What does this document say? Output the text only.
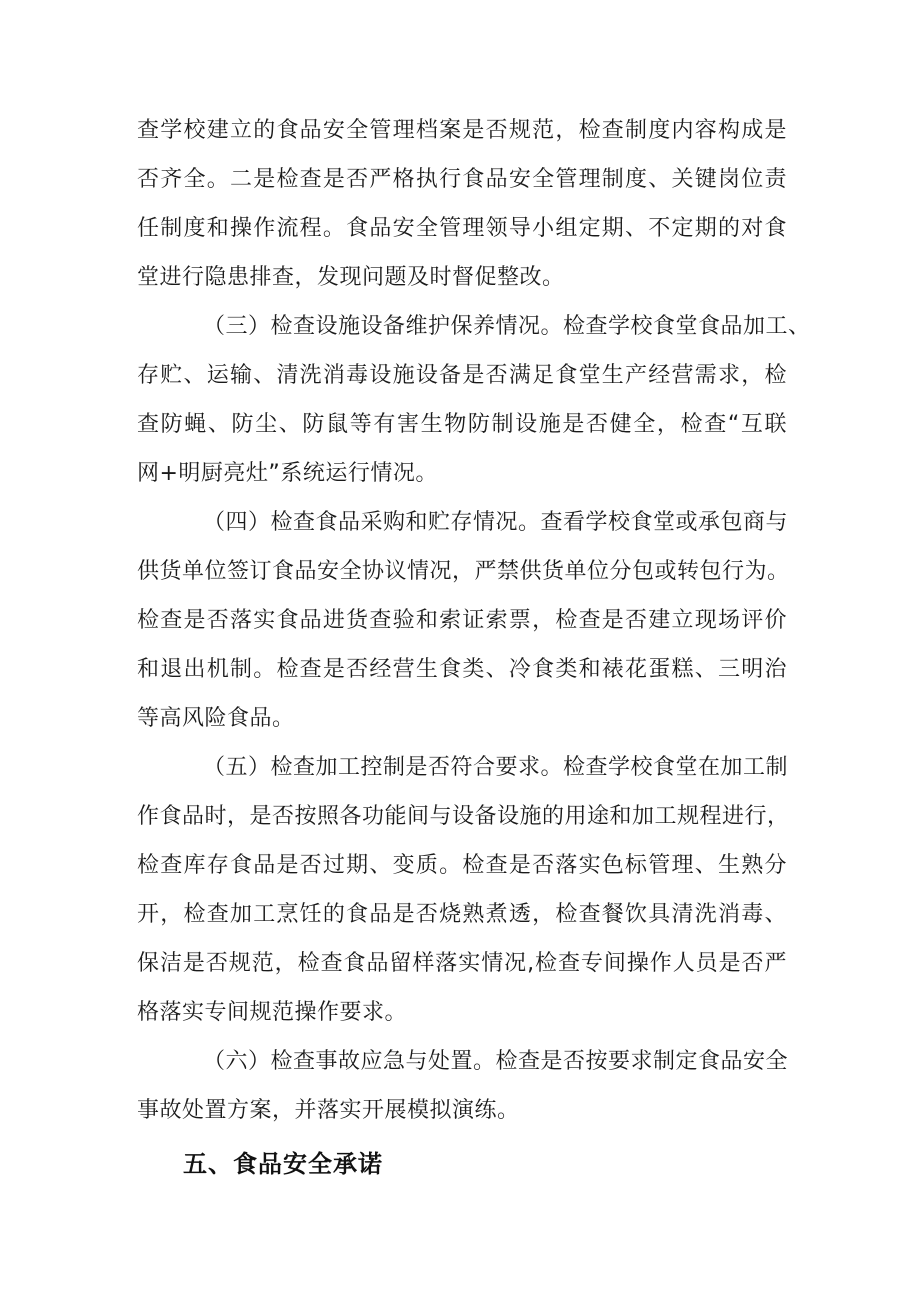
查学校建立的食品安全管理档案是否规范，检查制度内容构成是
否齐全。二是检查是否严格执行食品安全管理制度、关键岗位责
任制度和操作流程。食品安全管理领导小组定期、不定期的对食
堂进行隐患排查，发现问题及时督促整改。
（三）检查设施设备维护保养情况。检查学校食堂食品加工、
存贮、运输、清洗消毒设施设备是否满足食堂生产经营需求，检
查防蝇、防尘、防鼠等有害生物防制设施是否健全，检查“互联
网+明厨亮灶”系统运行情况。
（四）检查食品采购和贮存情况。查看学校食堂或承包商与
供货单位签订食品安全协议情况，严禁供货单位分包或转包行为。
检查是否落实食品进货查验和索证索票，检查是否建立现场评价
和退出机制。检查是否经营生食类、冷食类和裱花蛋糕、三明治
等高风险食品。
（五）检查加工控制是否符合要求。检查学校食堂在加工制
作食品时，是否按照各功能间与设备设施的用途和加工规程进行，
检查库存食品是否过期、变质。检查是否落实色标管理、生熟分
开，检查加工烹饪的食品是否烧熟煮透，检查餐饮具清洗消毒、
保洁是否规范，检查食品留样落实情况,检查专间操作人员是否严
格落实专间规范操作要求。
（六）检查事故应急与处置。检查是否按要求制定食品安全
事故处置方案，并落实开展模拟演练。
五、食品安全承诺
